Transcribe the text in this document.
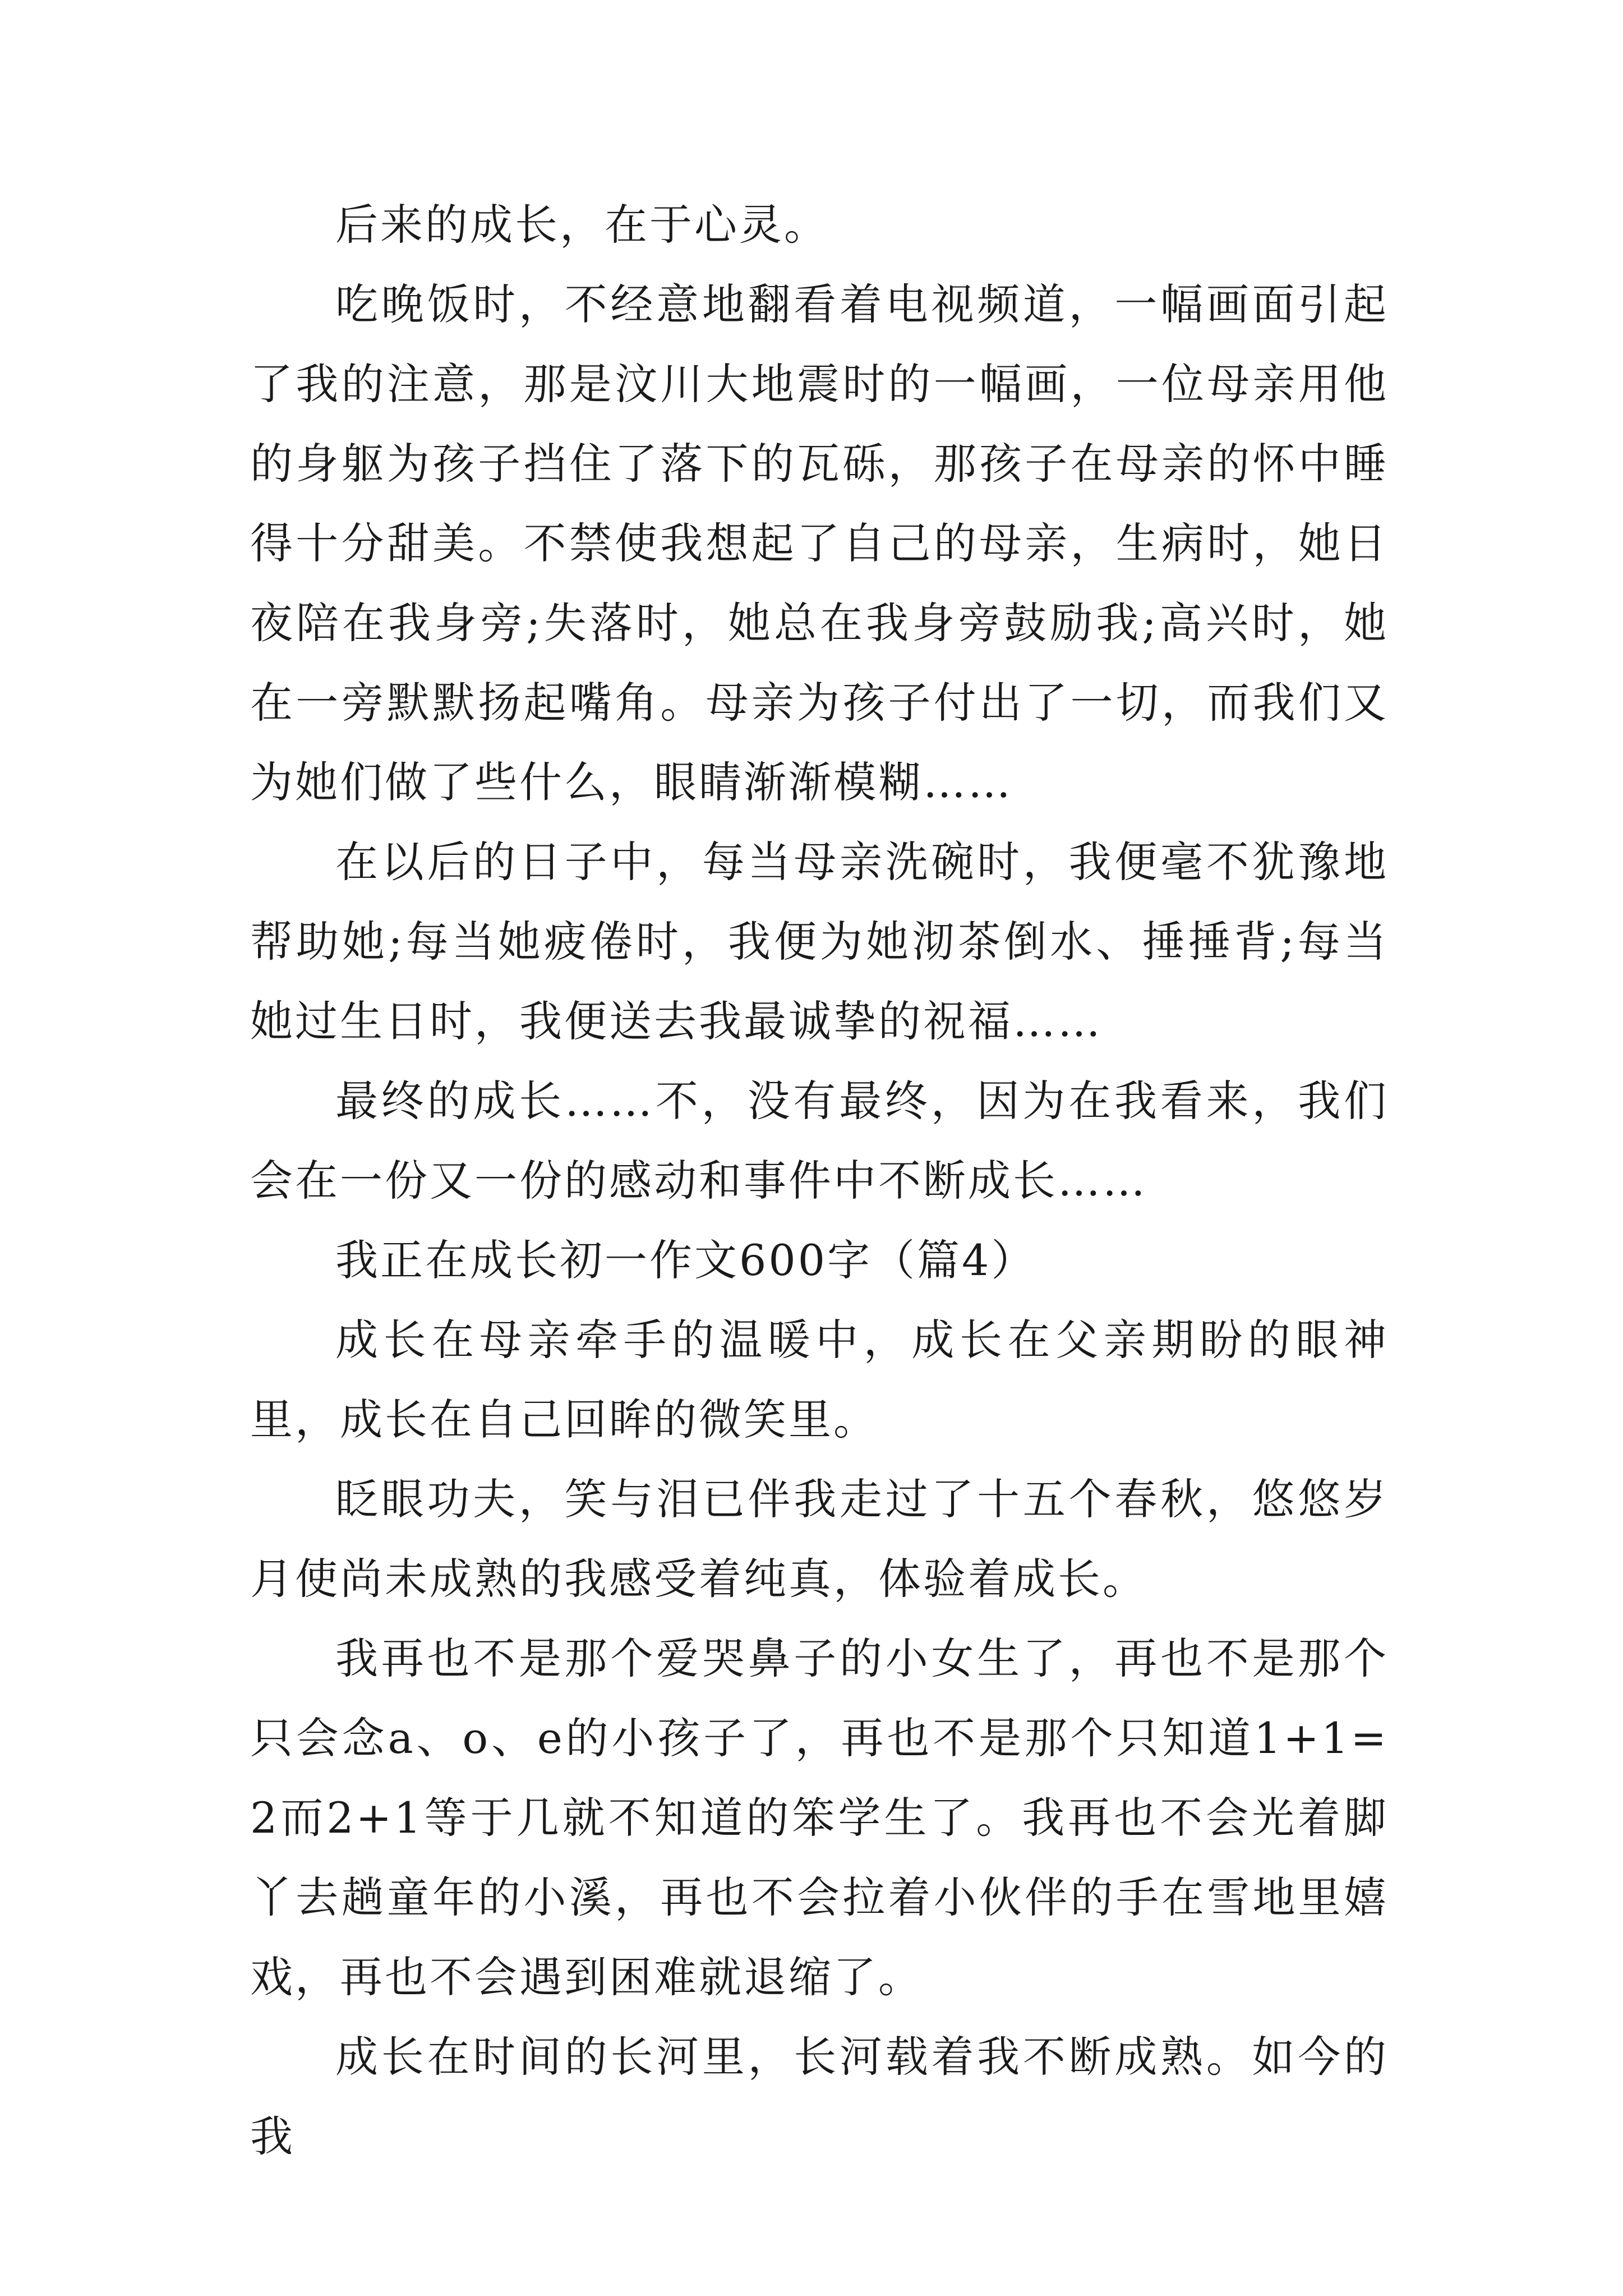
后来的成长，在于心灵。

吃晚饭时，不经意地翻看着电视频道，一幅画面引起了我的注意，那是汶川大地震时的一幅画，一位母亲用他的身躯为孩子挡住了落下的瓦砾，那孩子在母亲的怀中睡得十分甜美。不禁使我想起了自己的母亲，生病时，她日夜陪在我身旁;失落时，她总在我身旁鼓励我;高兴时，她在一旁默默扬起嘴角。母亲为孩子付出了一切，而我们又为她们做了些什么，眼睛渐渐模糊……

在以后的日子中，每当母亲洗碗时，我便毫不犹豫地帮助她;每当她疲倦时，我便为她沏茶倒水、捶捶背;每当她过生日时，我便送去我最诚挚的祝福……

最终的成长……不，没有最终，因为在我看来，我们会在一份又一份的感动和事件中不断成长……

我正在成长初一作文600字（篇4）

成长在母亲牵手的温暖中，成长在父亲期盼的眼神里，成长在自己回眸的微笑里。

眨眼功夫，笑与泪已伴我走过了十五个春秋，悠悠岁月使尚未成熟的我感受着纯真，体验着成长。

我再也不是那个爱哭鼻子的小女生了，再也不是那个只会念a、o、e的小孩子了，再也不是那个只知道1+1=2而2+1等于几就不知道的笨学生了。我再也不会光着脚丫去趟童年的小溪，再也不会拉着小伙伴的手在雪地里嬉戏，再也不会遇到困难就退缩了。

成长在时间的长河里，长河载着我不断成熟。如今的我
